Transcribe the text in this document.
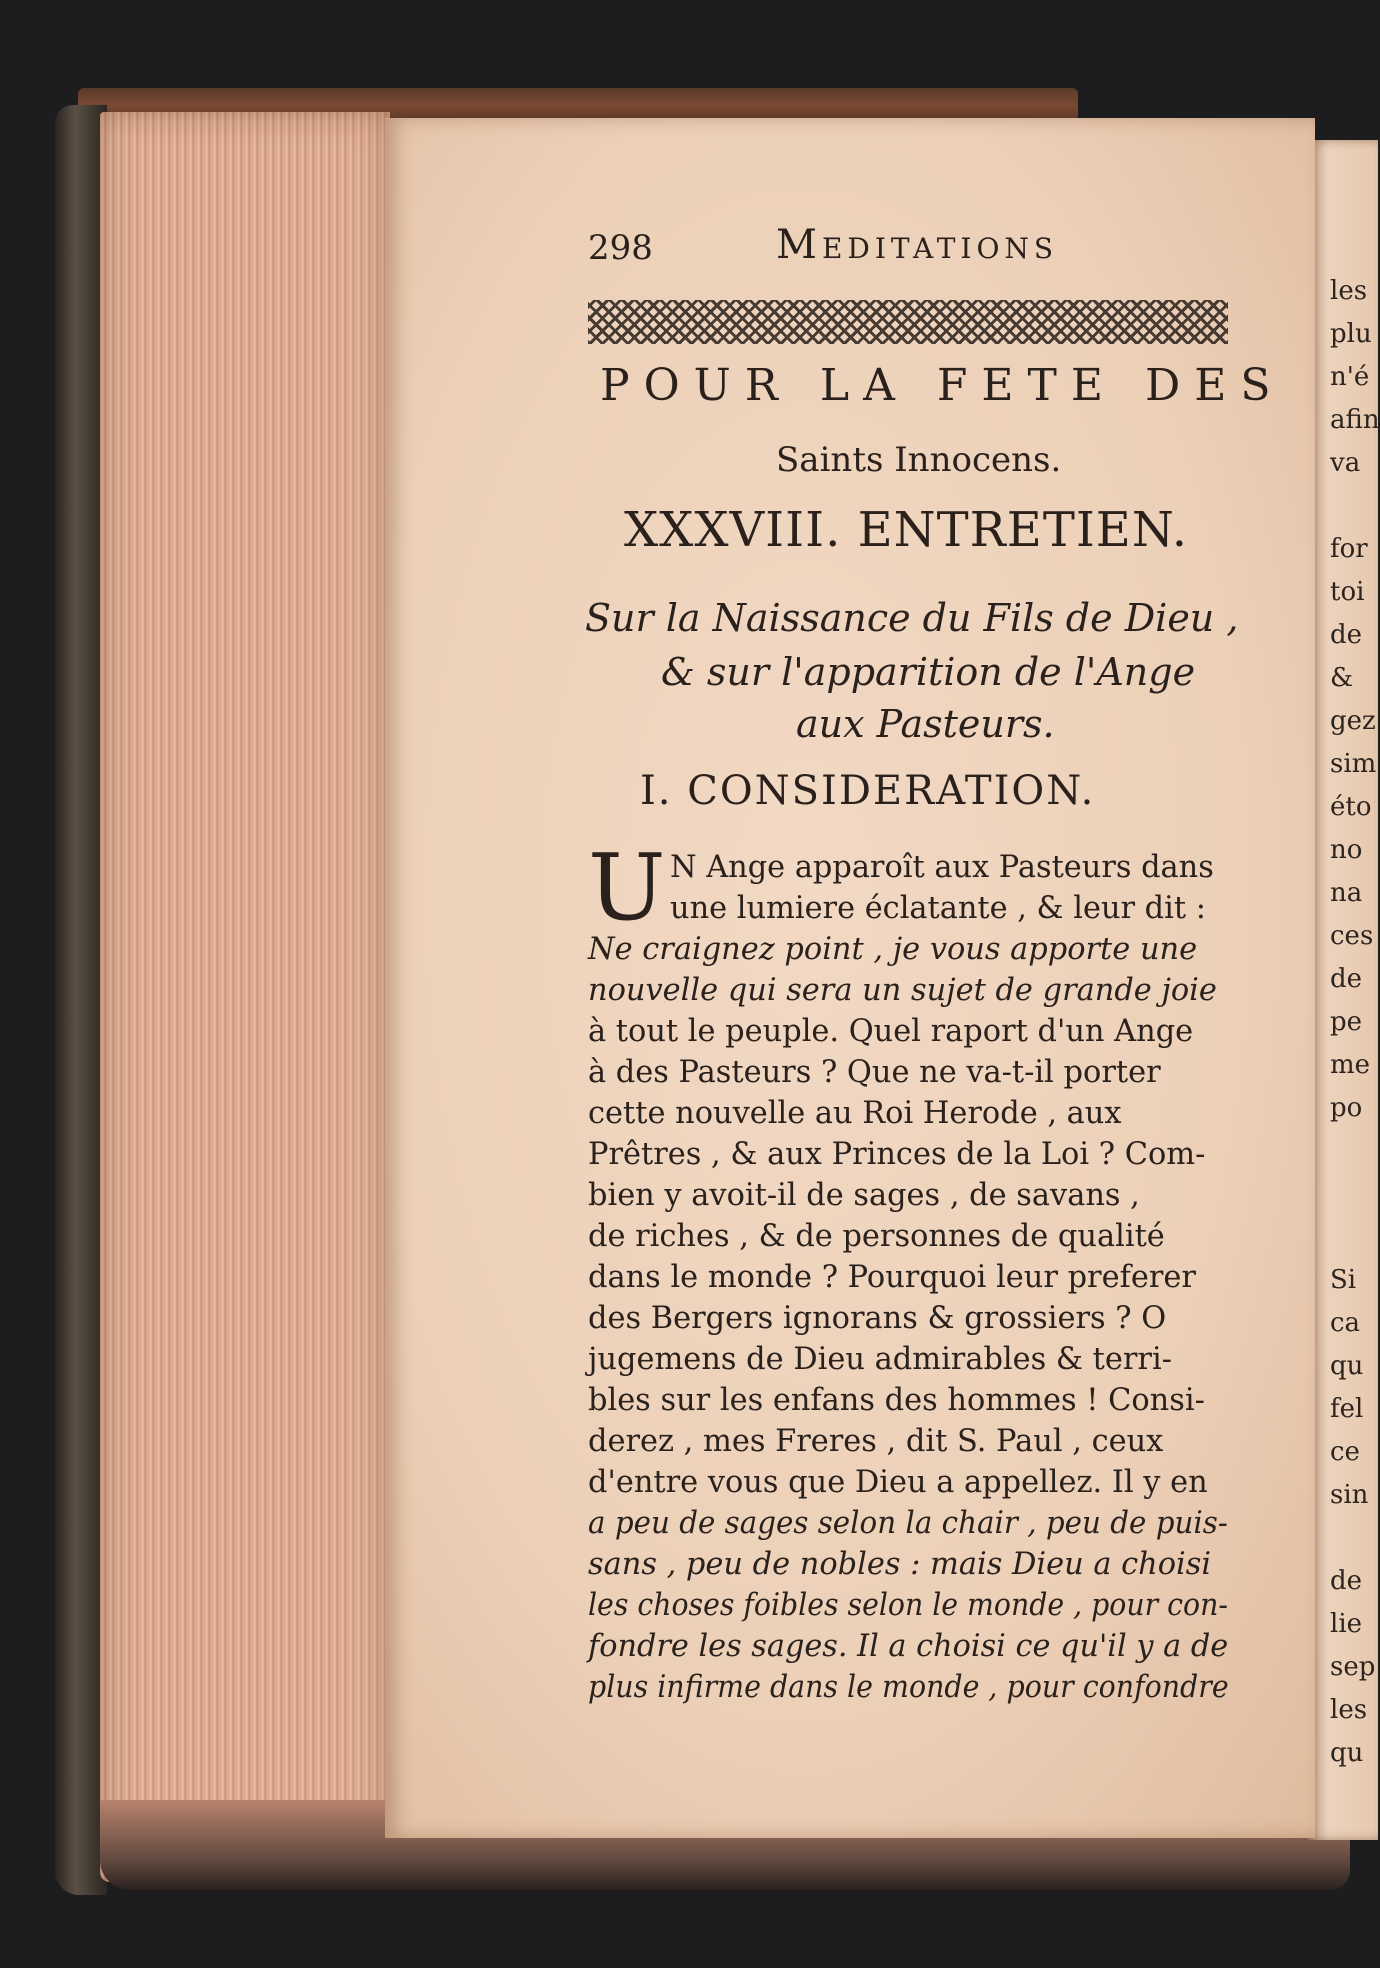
les
plu
n'é
afin
va

for
toi
de
&
gez
sim
éto
no
na
ces
de
pe
me
po

Si
ca
qu
fel
ce
sin

de
lie
sep
les
qu
298	Meditations
POUR LA FETE DES
Saints Innocens.
XXXVIII. ENTRETIEN.
Sur la Naissance du Fils de Dieu ,
& sur l'apparition de l'Ange
aux Pasteurs.
I. CONSIDERATION.
U N Ange apparoît aux Pasteurs dans
une lumiere éclatante , & leur dit :
Ne craignez point , je vous apporte une
nouvelle qui sera un sujet de grande joie
à tout le peuple. Quel raport d'un Ange
à des Pasteurs ? Que ne va-t-il porter
cette nouvelle au Roi Herode , aux
Prêtres , & aux Princes de la Loi ? Com-
bien y avoit-il de sages , de savans ,
de riches , & de personnes de qualité
dans le monde ? Pourquoi leur preferer
des Bergers ignorans & grossiers ? O
jugemens de Dieu admirables & terri-
bles sur les enfans des hommes ! Consi-
derez , mes Freres , dit S. Paul , ceux
d'entre vous que Dieu a appellez. Il y en
a peu de sages selon la chair , peu de puis-
sans , peu de nobles : mais Dieu a choisi
les choses foibles selon le monde , pour con-
fondre les sages. Il a choisi ce qu'il y a de
plus infirme dans le monde , pour confondre
